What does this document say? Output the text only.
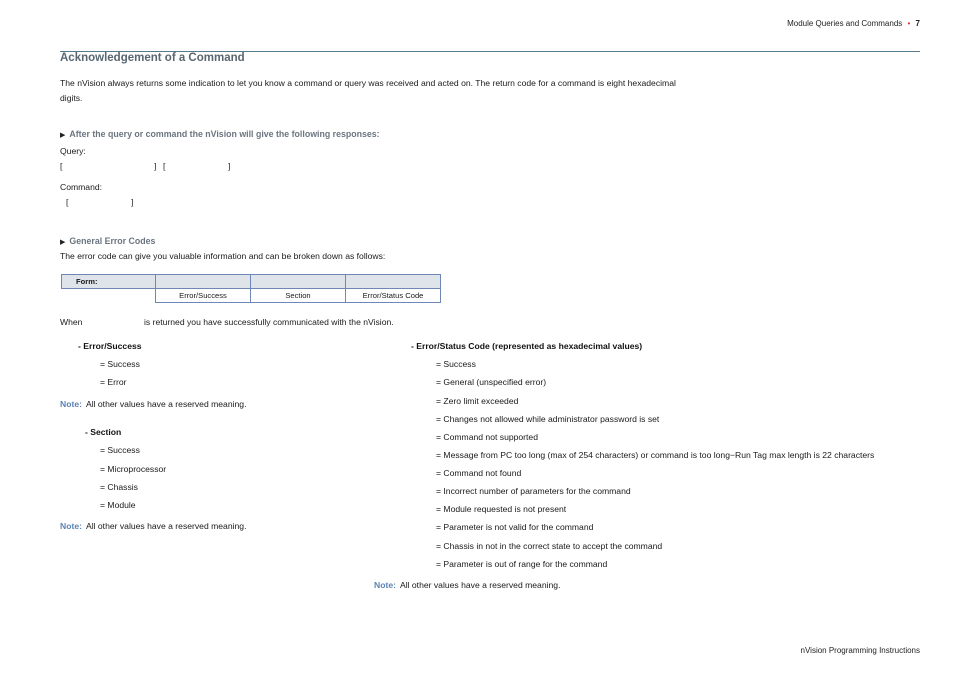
Module Queries and Commands • 7
Acknowledgement of a Command
The nVision always returns some indication to let you know a command or query was received and acted on. The return code for a command is eight hexadecimal digits.
▶ After the query or command the nVision will give the following responses:
Query:
[	] [	]
Command:
[	]
▶ General Error Codes
The error code can give you valuable information and can be broken down as follows:
Form:			
	Error/Success	Section	Error/Status Code
When	is returned you have successfully communicated with the nVision.
- Error/Success
= Success
= Error
Note: All other values have a reserved meaning.
- Section
= Success
= Microprocessor
= Chassis
= Module
Note: All other values have a reserved meaning.
- Error/Status Code (represented as hexadecimal values)
= Success
= General (unspecified error)
= Zero limit exceeded
= Changes not allowed while administrator password is set
= Command not supported
= Message from PC too long (max of 254 characters) or command is too long−Run Tag max length is 22 characters
= Command not found
= Incorrect number of parameters for the command
= Module requested is not present
= Parameter is not valid for the command
= Chassis in not in the correct state to accept the command
= Parameter is out of range for the command
Note: All other values have a reserved meaning.
nVision Programming Instructions
